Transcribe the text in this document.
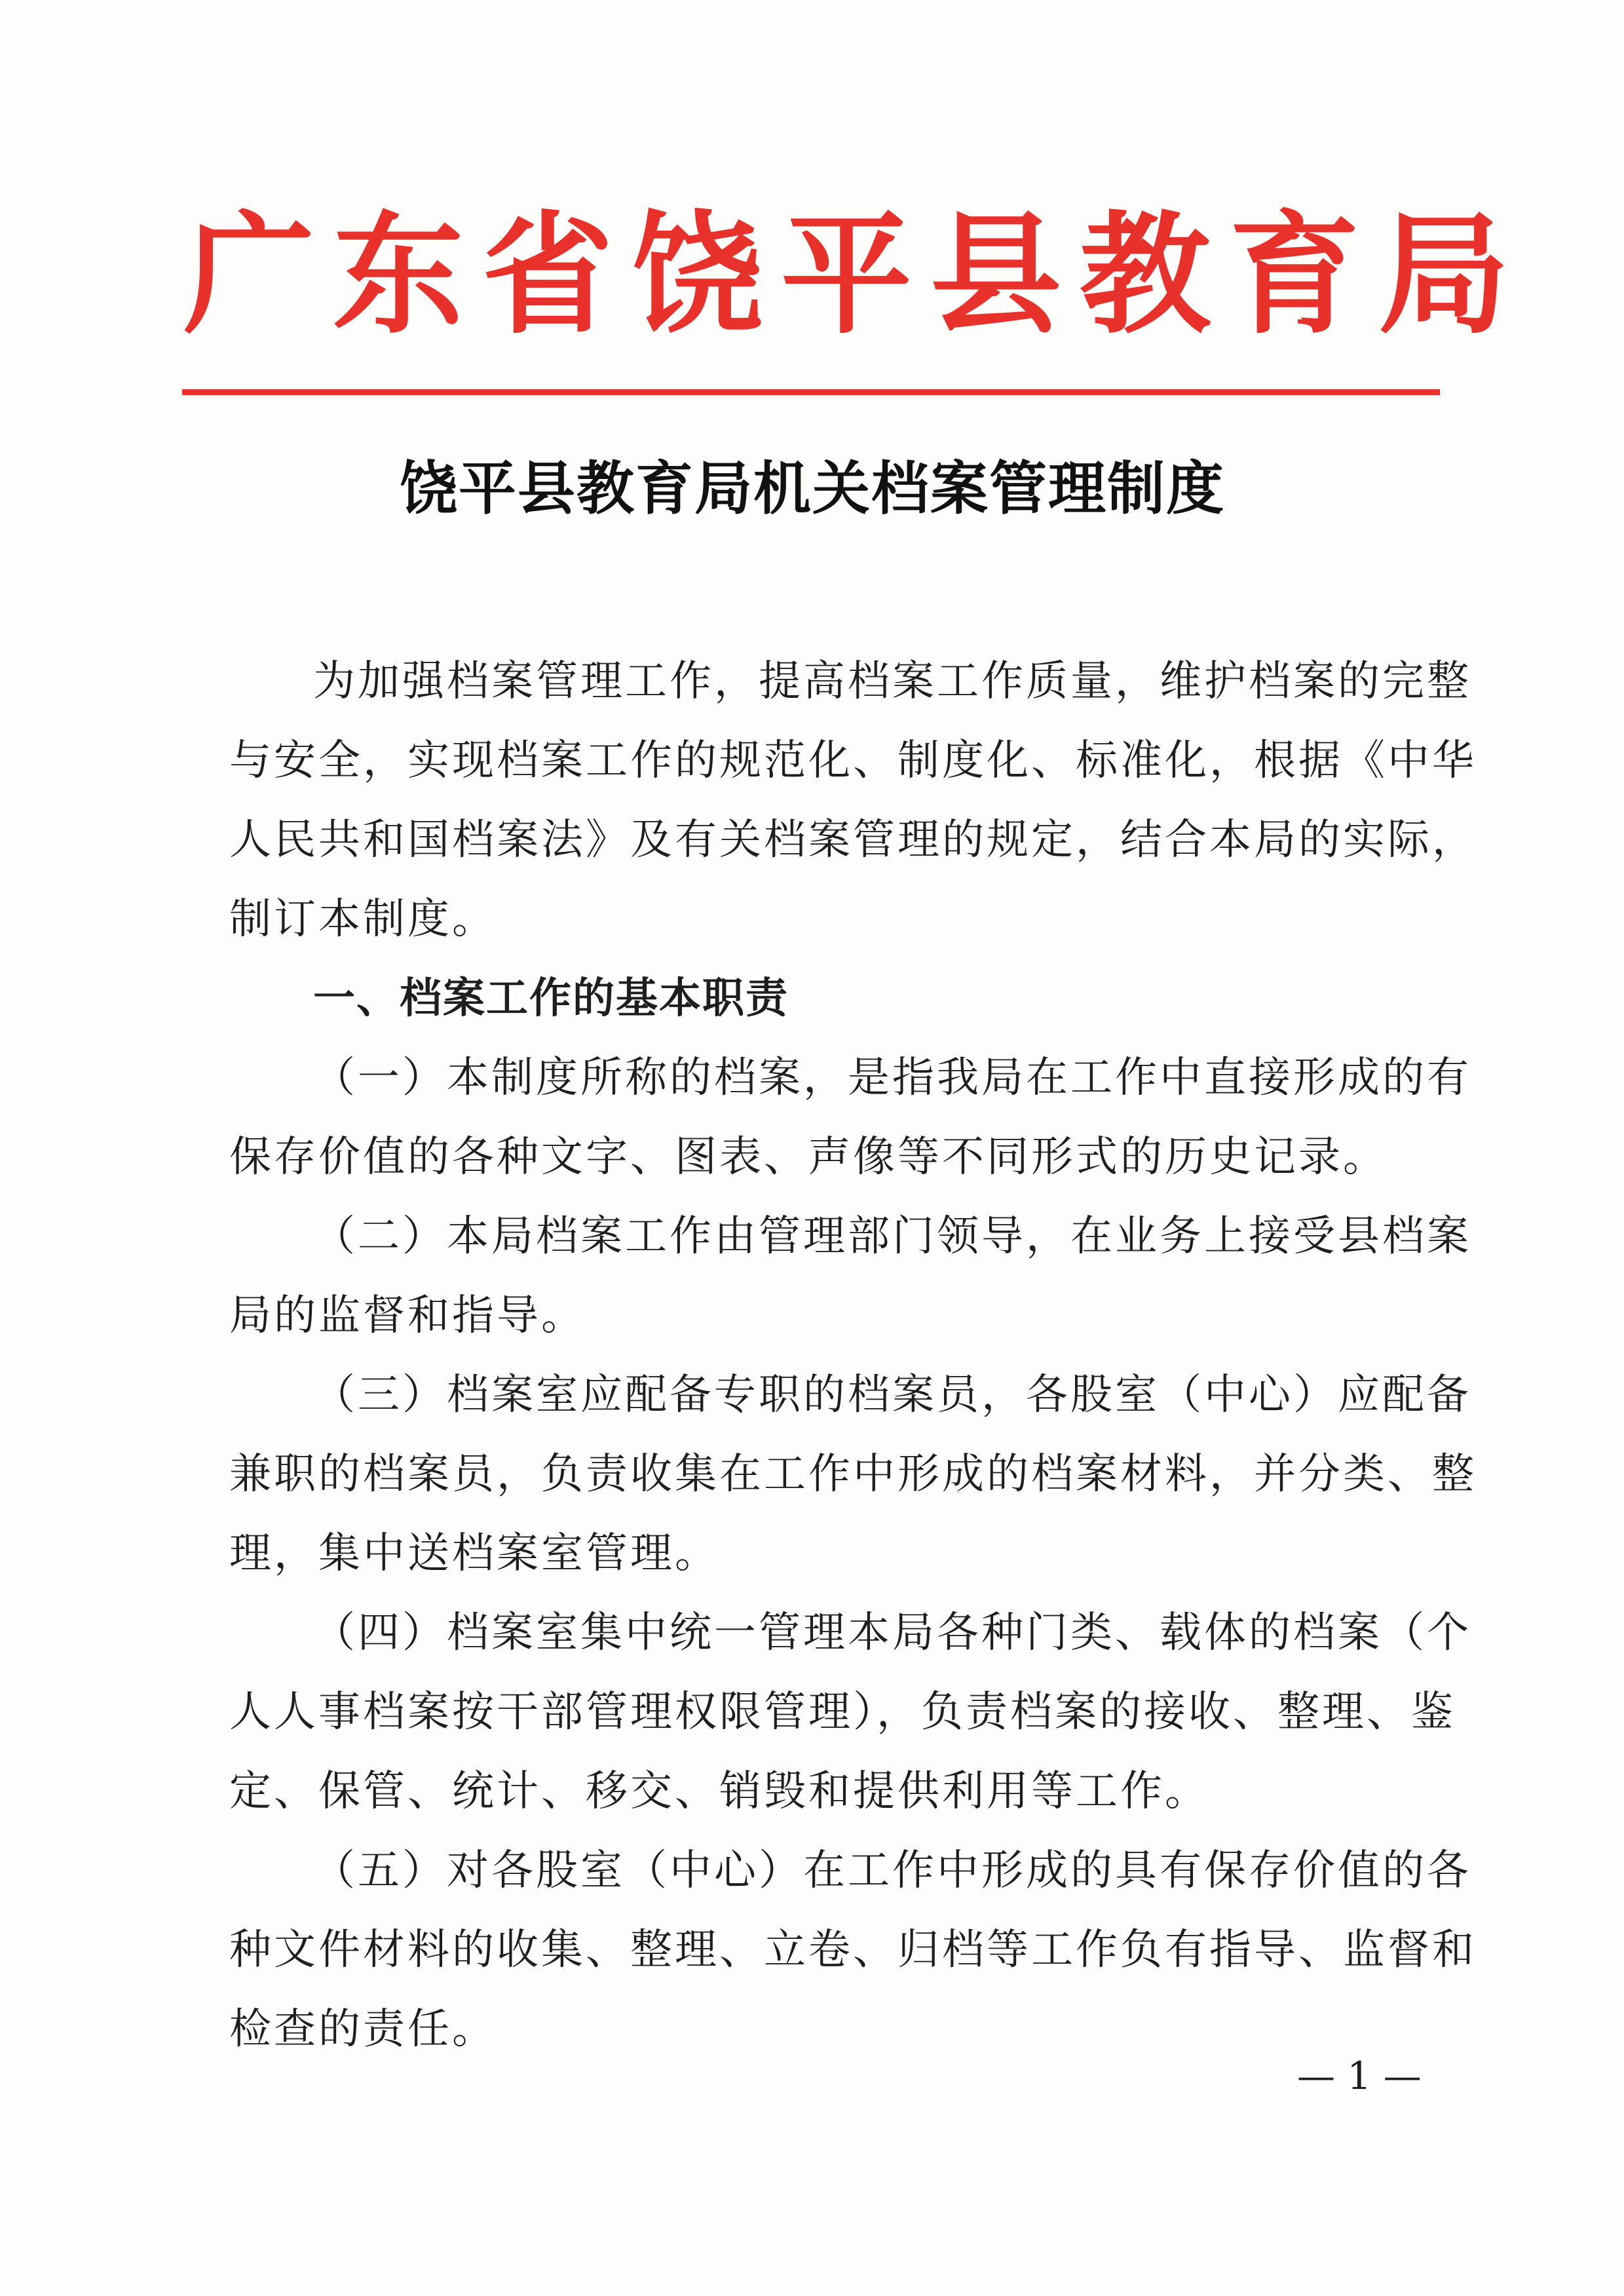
广东省饶平县教育局
饶平县教育局机关档案管理制度
为加强档案管理工作，提高档案工作质量，维护档案的完整
与安全，实现档案工作的规范化、制度化、标准化，根据《中华
人民共和国档案法》及有关档案管理的规定，结合本局的实际，
制订本制度。
一、档案工作的基本职责
（一）本制度所称的档案，是指我局在工作中直接形成的有
保存价值的各种文字、图表、声像等不同形式的历史记录。
（二）本局档案工作由管理部门领导，在业务上接受县档案
局的监督和指导。
（三）档案室应配备专职的档案员，各股室（中心）应配备
兼职的档案员，负责收集在工作中形成的档案材料，并分类、整
理，集中送档案室管理。
（四）档案室集中统一管理本局各种门类、载体的档案（个
人人事档案按干部管理权限管理），负责档案的接收、整理、鉴
定、保管、统计、移交、销毁和提供利用等工作。
（五）对各股室（中心）在工作中形成的具有保存价值的各
种文件材料的收集、整理、立卷、归档等工作负有指导、监督和
检查的责任。
— 1 —
